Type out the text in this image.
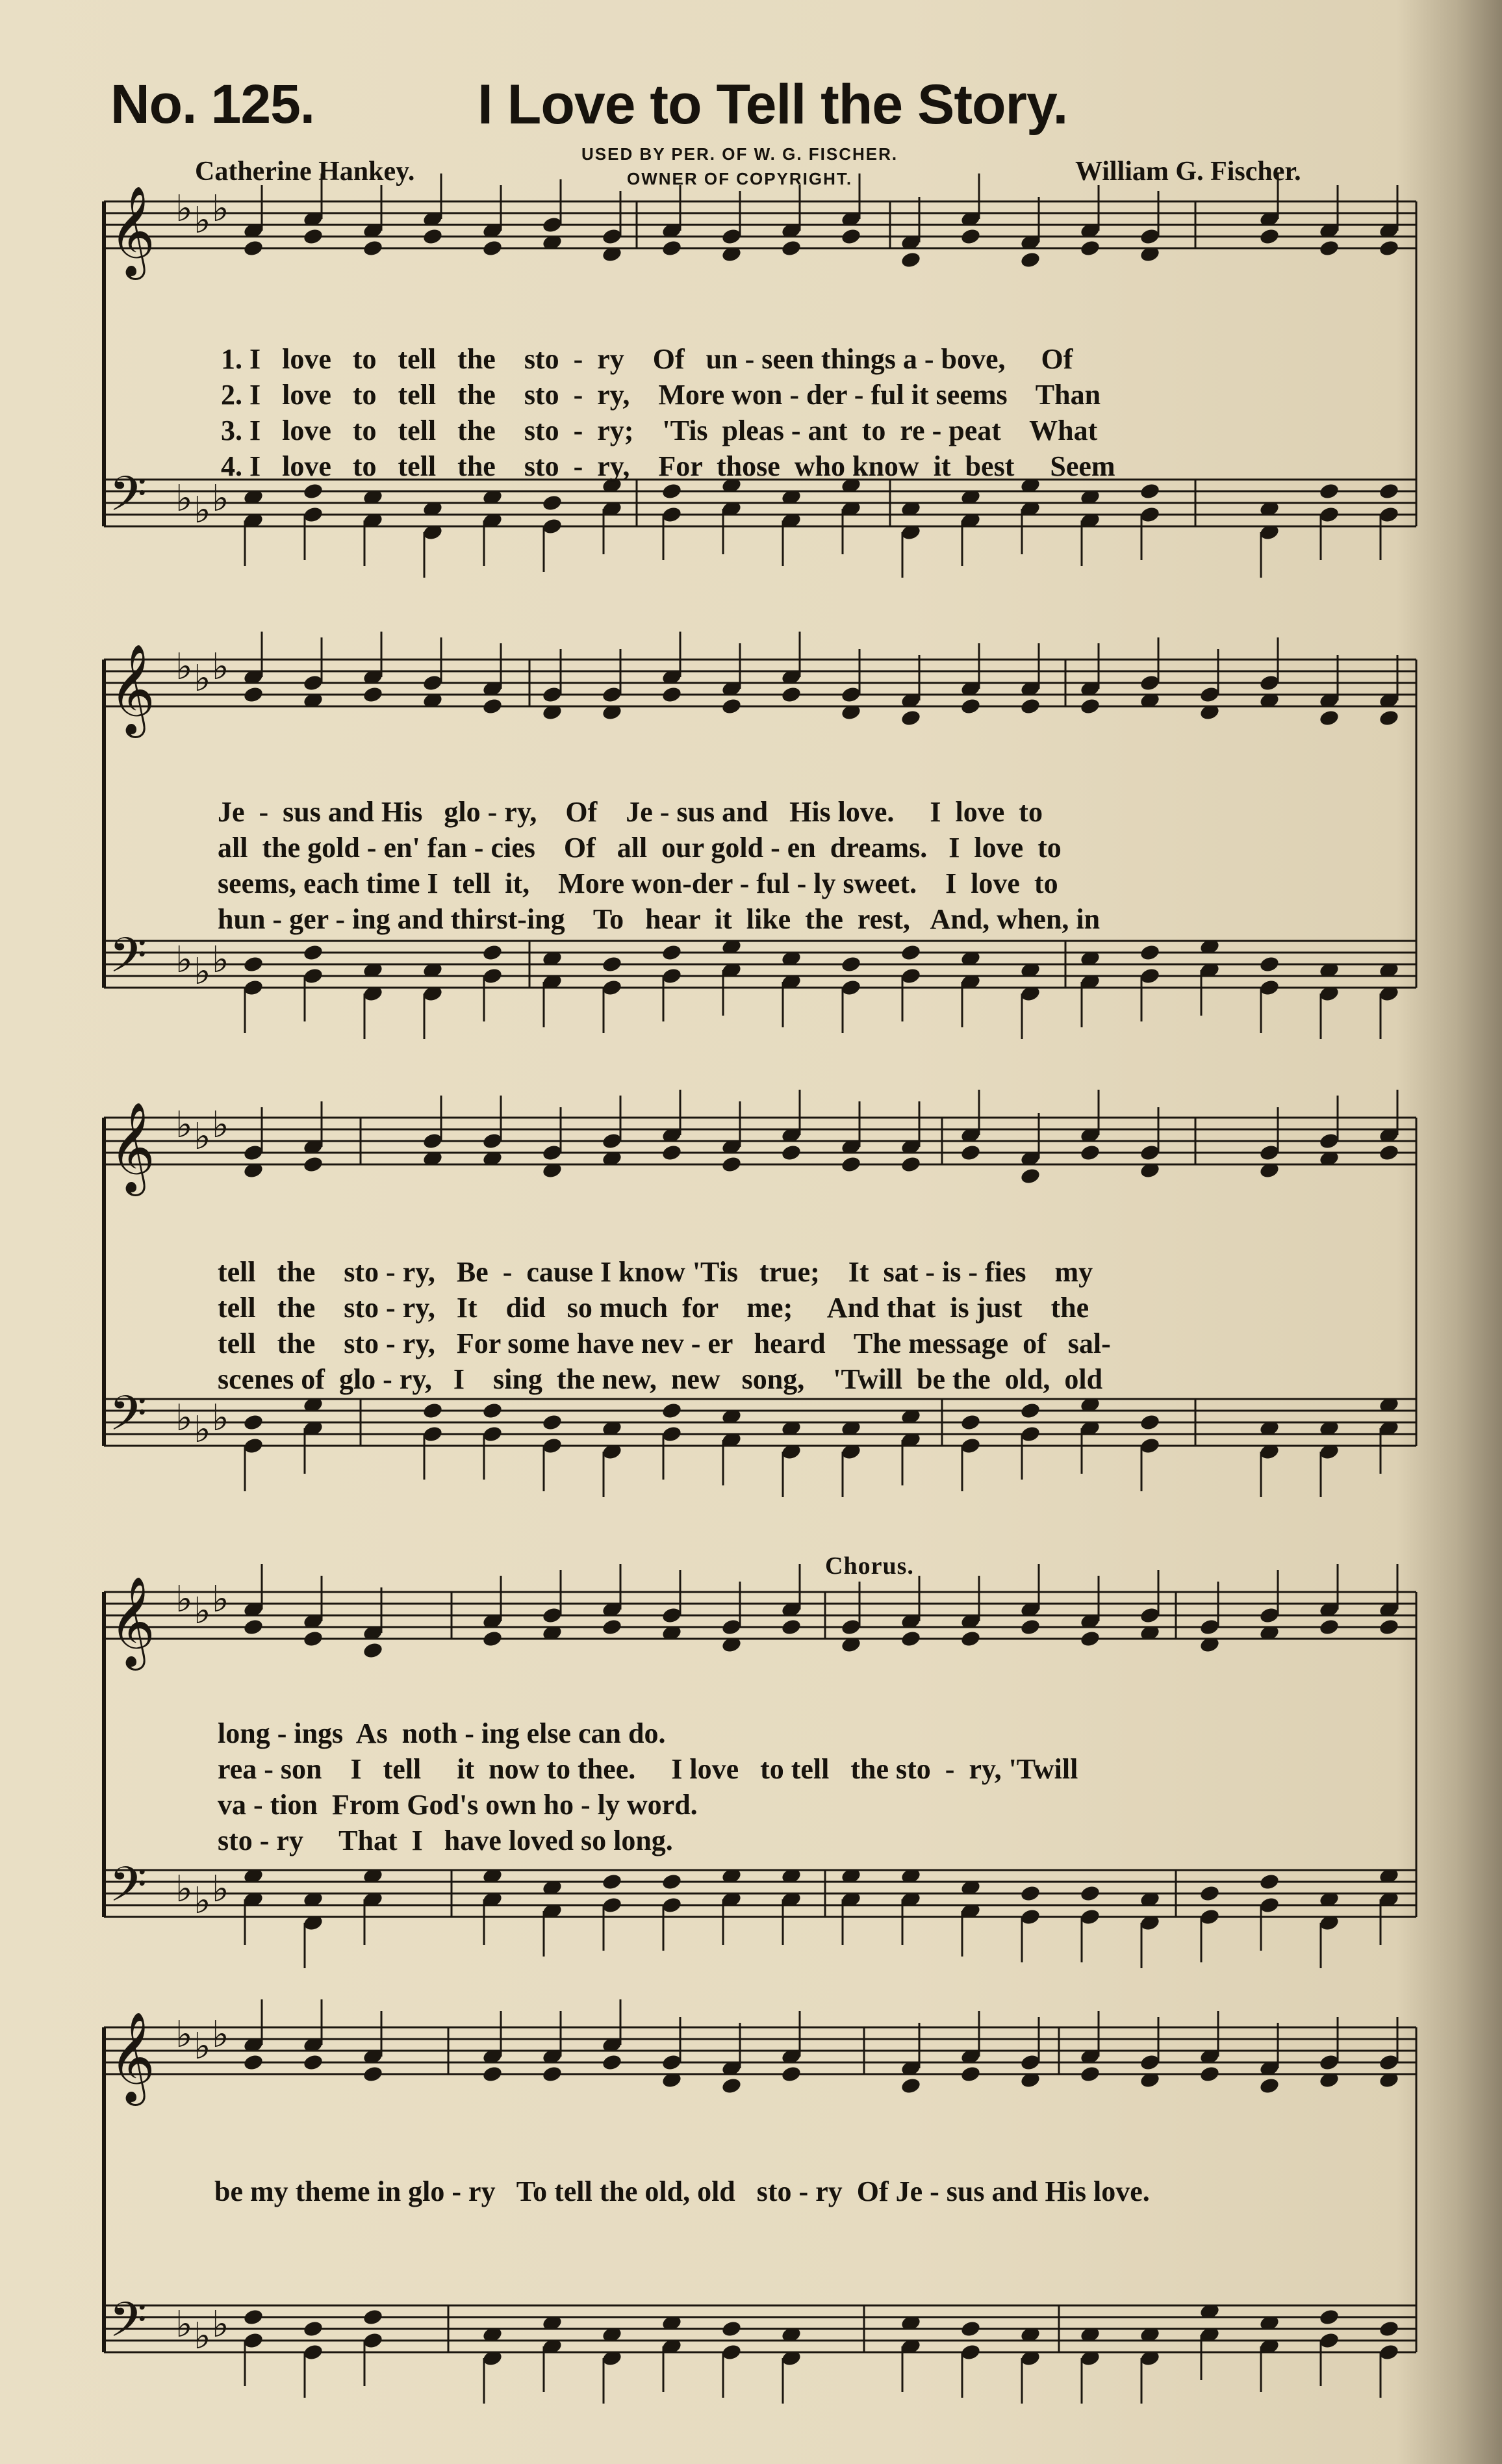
No. 125.	I Love to Tell the Story.
Catherine Hankey.
USED BY PER. OF W. G. FISCHER.
OWNER OF COPYRIGHT.	William G. Fischer.
Chorus.
𝄞
𝄢
♭
♭
♭
♭
♭
♭
𝄞
𝄢
♭
♭
♭
♭
♭
♭
𝄞
𝄢
♭
♭
♭
♭
♭
♭
𝄞
𝄢
♭
♭
♭
♭
♭
♭
𝄞
𝄢
♭
♭
♭
♭
♭
♭
1. I   love   to   tell   the    sto  -  ry    Of   un - seen things a - bove,     Of
2. I   love   to   tell   the    sto  -  ry,    More won - der - ful it seems    Than
3. I   love   to   tell   the    sto  -  ry;    'Tis  pleas - ant  to  re - peat    What
4. I   love   to   tell   the    sto  -  ry,    For  those  who know  it  best     Seem
Je  -  sus and His   glo - ry,    Of    Je - sus and   His love.     I  love  to
all  the gold - en' fan - cies    Of   all  our gold - en  dreams.   I  love  to
seems, each time I  tell  it,    More won-der - ful - ly sweet.    I  love  to
hun - ger - ing and thirst-ing    To   hear  it  like  the  rest,   And, when, in
tell   the    sto - ry,   Be  -  cause I know 'Tis   true;    It  sat - is - fies    my
tell   the    sto - ry,   It    did   so much  for    me;     And that  is just    the
tell   the    sto - ry,   For some have nev - er   heard    The message  of   sal-
scenes of  glo - ry,   I    sing  the new,  new   song,    'Twill  be the  old,  old
long - ings  As  noth - ing else can do.
rea - son    I   tell     it  now to thee.     I love   to tell   the sto  -  ry, 'Twill
va - tion  From God's own ho - ly word.
sto - ry     That  I   have loved so long.
be my theme in glo - ry   To tell the old, old   sto - ry  Of Je - sus and His love.
